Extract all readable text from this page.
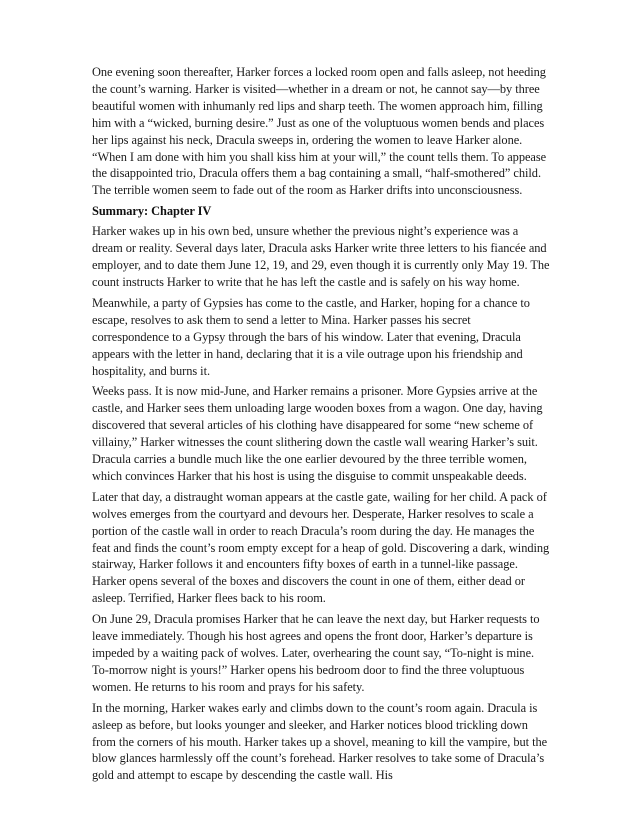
One evening soon thereafter, Harker forces a locked room open and falls asleep, not heeding the count’s warning. Harker is visited—whether in a dream or not, he cannot say—by three beautiful women with inhumanly red lips and sharp teeth. The women approach him, filling him with a “wicked, burning desire.” Just as one of the voluptuous women bends and places her lips against his neck, Dracula sweeps in, ordering the women to leave Harker alone. “When I am done with him you shall kiss him at your will,” the count tells them. To appease the disappointed trio, Dracula offers them a bag containing a small, “half-smothered” child. The terrible women seem to fade out of the room as Harker drifts into unconsciousness.

Summary: Chapter IV

Harker wakes up in his own bed, unsure whether the previous night’s experience was a dream or reality. Several days later, Dracula asks Harker write three letters to his fiancée and employer, and to date them June 12, 19, and 29, even though it is currently only May 19. The count instructs Harker to write that he has left the castle and is safely on his way home.

Meanwhile, a party of Gypsies has come to the castle, and Harker, hoping for a chance to escape, resolves to ask them to send a letter to Mina. Harker passes his secret correspondence to a Gypsy through the bars of his window. Later that evening, Dracula appears with the letter in hand, declaring that it is a vile outrage upon his friendship and hospitality, and burns it.

Weeks pass. It is now mid-June, and Harker remains a prisoner. More Gypsies arrive at the castle, and Harker sees them unloading large wooden boxes from a wagon. One day, having discovered that several articles of his clothing have disappeared for some “new scheme of villainy,” Harker witnesses the count slithering down the castle wall wearing Harker’s suit. Dracula carries a bundle much like the one earlier devoured by the three terrible women, which convinces Harker that his host is using the disguise to commit unspeakable deeds.

Later that day, a distraught woman appears at the castle gate, wailing for her child. A pack of wolves emerges from the courtyard and devours her. Desperate, Harker resolves to scale a portion of the castle wall in order to reach Dracula’s room during the day. He manages the feat and finds the count’s room empty except for a heap of gold. Discovering a dark, winding stairway, Harker follows it and encounters fifty boxes of earth in a tunnel-like passage. Harker opens several of the boxes and discovers the count in one of them, either dead or asleep. Terrified, Harker flees back to his room.

On June 29, Dracula promises Harker that he can leave the next day, but Harker requests to leave immediately. Though his host agrees and opens the front door, Harker’s departure is impeded by a waiting pack of wolves. Later, overhearing the count say, “To-night is mine. To-morrow night is yours!” Harker opens his bedroom door to find the three voluptuous women. He returns to his room and prays for his safety.

In the morning, Harker wakes early and climbs down to the count’s room again. Dracula is asleep as before, but looks younger and sleeker, and Harker notices blood trickling down from the corners of his mouth. Harker takes up a shovel, meaning to kill the vampire, but the blow glances harmlessly off the count’s forehead. Harker resolves to take some of Dracula’s gold and attempt to escape by descending the castle wall. His
